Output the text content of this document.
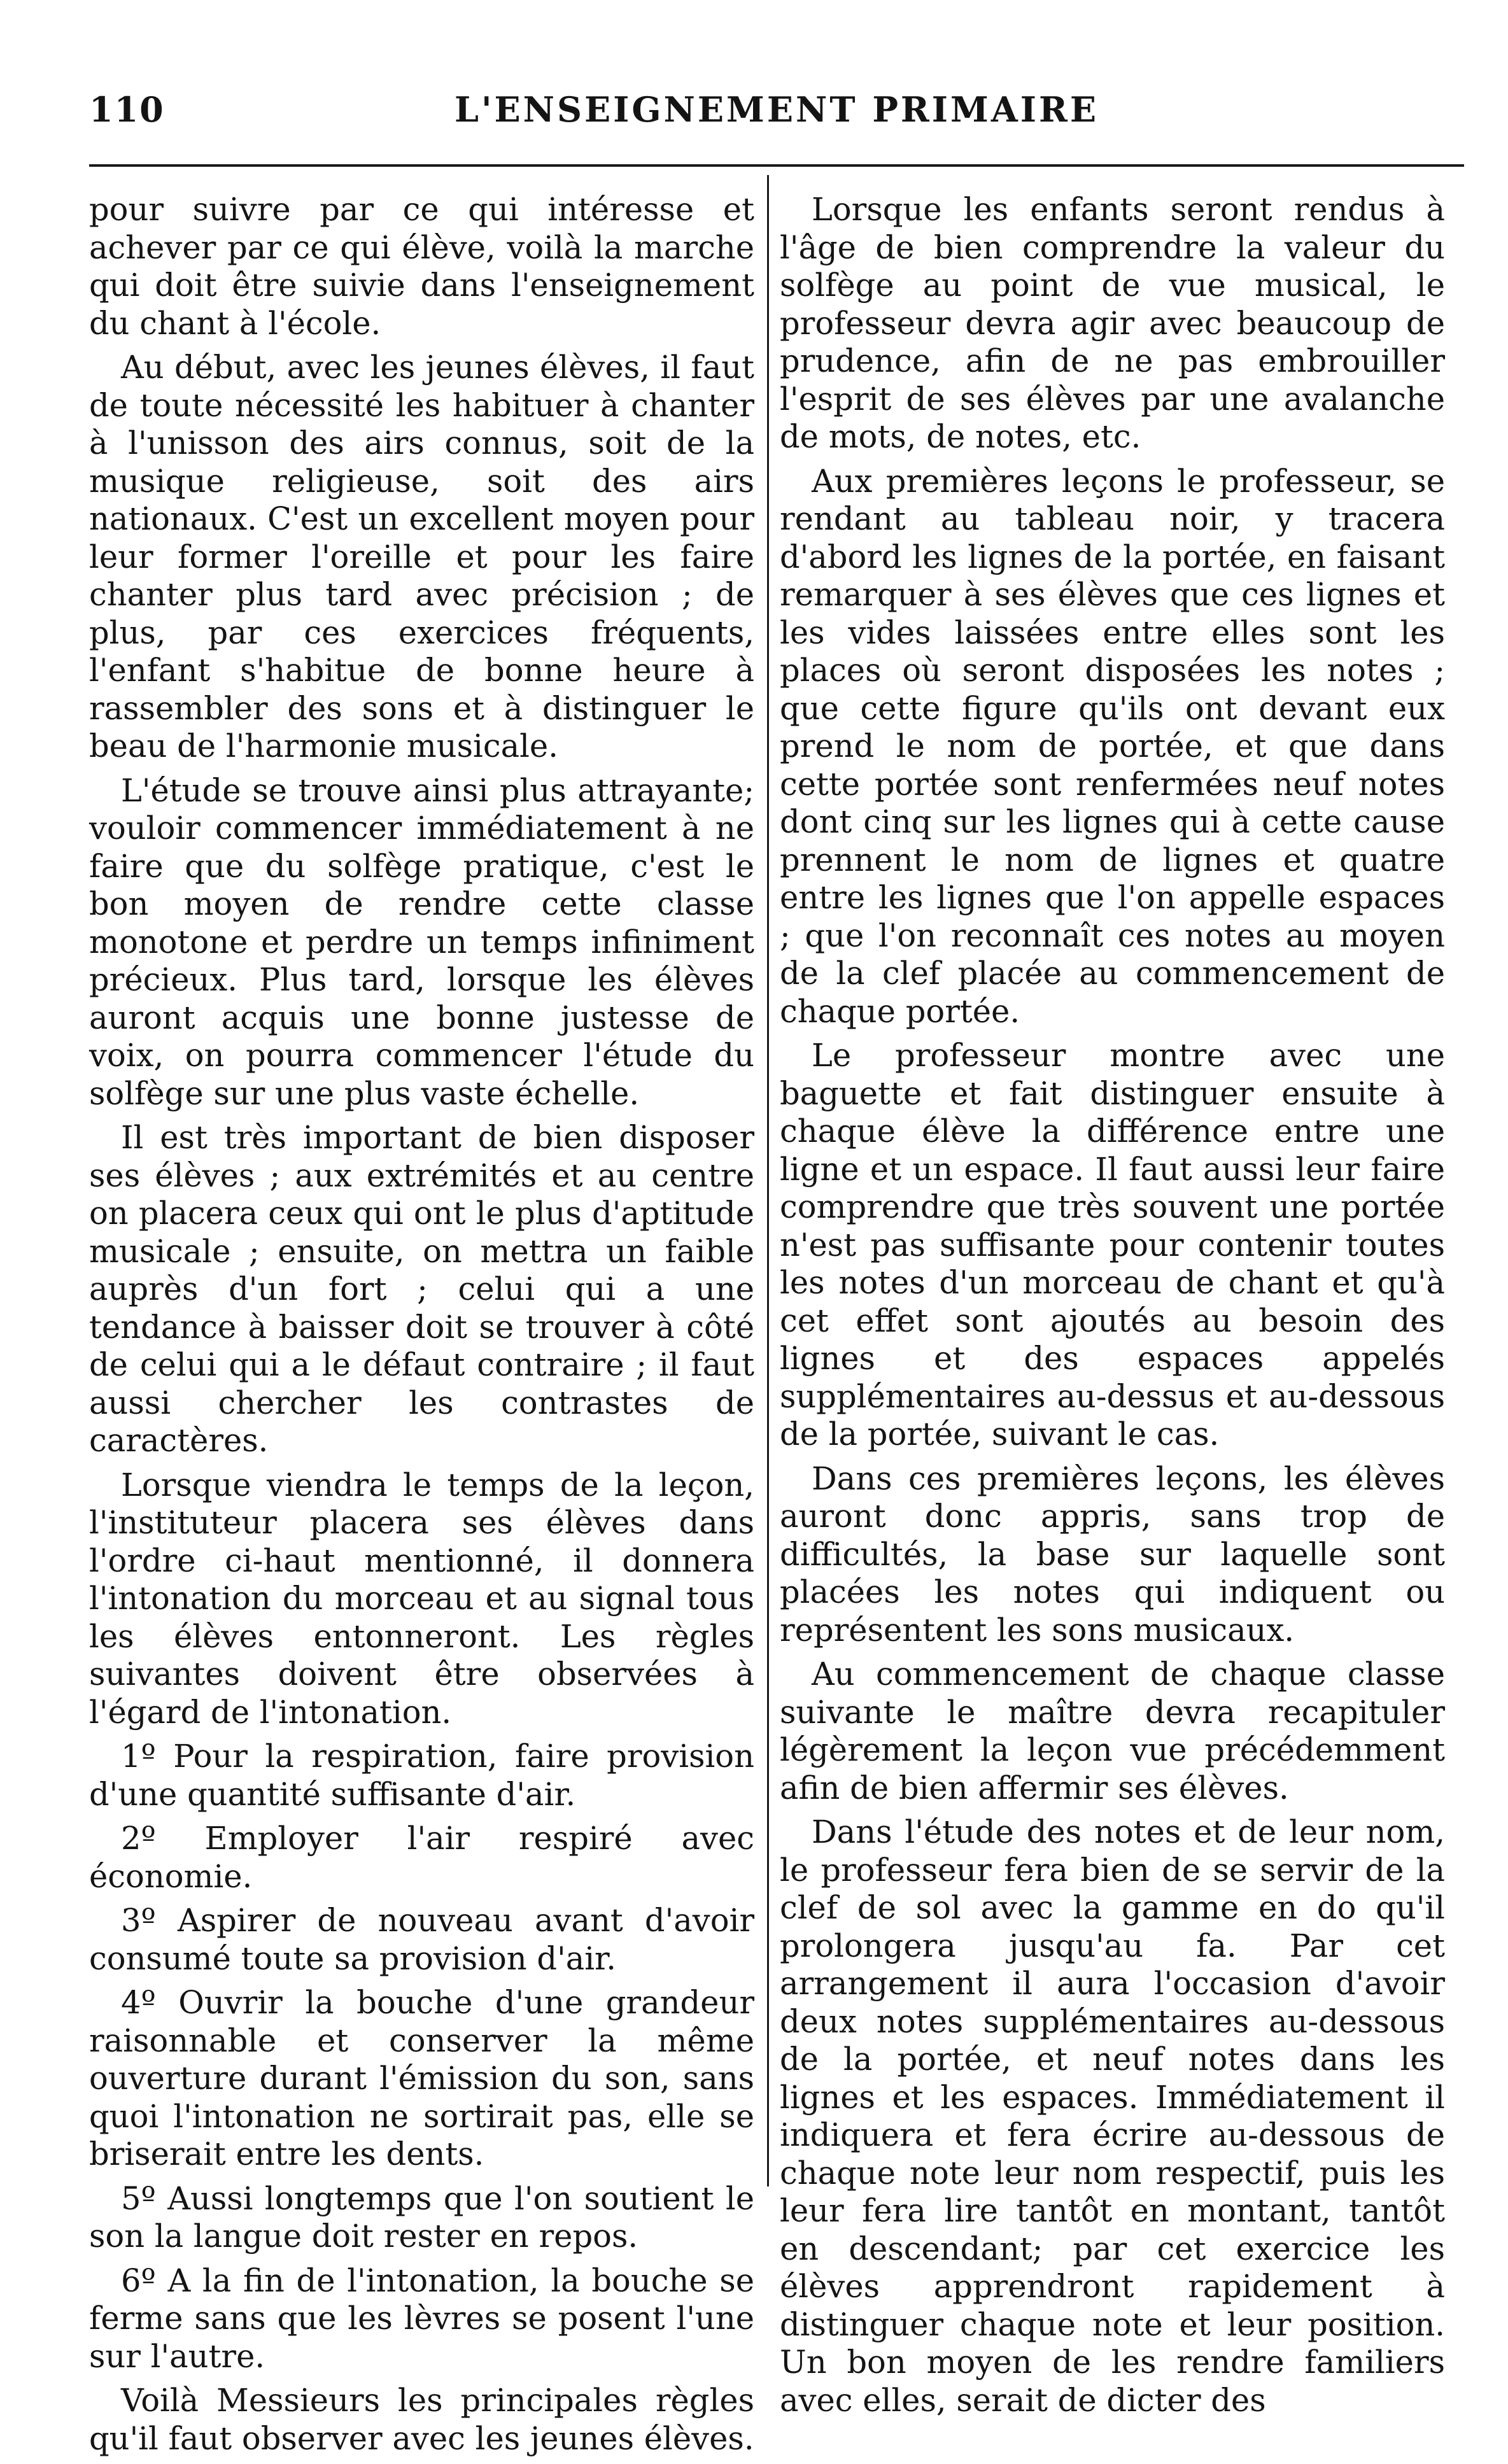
110	L'ENSEIGNEMENT PRIMAIRE

pour suivre par ce qui intéresse et achever par ce qui élève, voilà la marche qui doit être suivie dans l'enseignement du chant à l'école.

Au début, avec les jeunes élèves, il faut de toute nécessité les habituer à chanter à l'unisson des airs connus, soit de la musique religieuse, soit des airs nationaux. C'est un excellent moyen pour leur former l'oreille et pour les faire chanter plus tard avec précision ; de plus, par ces exercices fréquents, l'enfant s'habitue de bonne heure à rassembler des sons et à distinguer le beau de l'harmonie musicale.

L'étude se trouve ainsi plus attrayante; vouloir commencer immédiatement à ne faire que du solfège pratique, c'est le bon moyen de rendre cette classe monotone et perdre un temps infiniment précieux. Plus tard, lorsque les élèves auront acquis une bonne justesse de voix, on pourra commencer l'étude du solfège sur une plus vaste échelle.

Il est très important de bien disposer ses élèves ; aux extrémités et au centre on placera ceux qui ont le plus d'aptitude musicale ; ensuite, on mettra un faible auprès d'un fort ; celui qui a une tendance à baisser doit se trouver à côté de celui qui a le défaut contraire ; il faut aussi chercher les contrastes de caractères.

Lorsque viendra le temps de la leçon, l'instituteur placera ses élèves dans l'ordre ci-haut mentionné, il donnera l'intonation du morceau et au signal tous les élèves entonneront. Les règles suivantes doivent être observées à l'égard de l'intonation.

1º Pour la respiration, faire provision d'une quantité suffisante d'air.

2º Employer l'air respiré avec économie.

3º Aspirer de nouveau avant d'avoir consumé toute sa provision d'air.

4º Ouvrir la bouche d'une grandeur raisonnable et conserver la même ouverture durant l'émission du son, sans quoi l'intonation ne sortirait pas, elle se briserait entre les dents.

5º Aussi longtemps que l'on soutient le son la langue doit rester en repos.

6º A la fin de l'intonation, la bouche se ferme sans que les lèvres se posent l'une sur l'autre.

Voilà Messieurs les principales règles qu'il faut observer avec les jeunes élèves.

Lorsque les enfants seront rendus à l'âge de bien comprendre la valeur du solfège au point de vue musical, le professeur devra agir avec beaucoup de prudence, afin de ne pas embrouiller l'esprit de ses élèves par une avalanche de mots, de notes, etc.

Aux premières leçons le professeur, se rendant au tableau noir, y tracera d'abord les lignes de la portée, en faisant remarquer à ses élèves que ces lignes et les vides laissées entre elles sont les places où seront disposées les notes ; que cette figure qu'ils ont devant eux prend le nom de portée, et que dans cette portée sont renfermées neuf notes dont cinq sur les lignes qui à cette cause prennent le nom de lignes et quatre entre les lignes que l'on appelle espaces ; que l'on reconnaît ces notes au moyen de la clef placée au commencement de chaque portée.

Le professeur montre avec une baguette et fait distinguer ensuite à chaque élève la différence entre une ligne et un espace. Il faut aussi leur faire comprendre que très souvent une portée n'est pas suffisante pour contenir toutes les notes d'un morceau de chant et qu'à cet effet sont ajoutés au besoin des lignes et des espaces appelés supplémentaires au-dessus et au-dessous de la portée, suivant le cas.

Dans ces premières leçons, les élèves auront donc appris, sans trop de difficultés, la base sur laquelle sont placées les notes qui indiquent ou représentent les sons musicaux.

Au commencement de chaque classe suivante le maître devra recapituler légèrement la leçon vue précédemment afin de bien affermir ses élèves.

Dans l'étude des notes et de leur nom, le professeur fera bien de se servir de la clef de sol avec la gamme en do qu'il prolongera jusqu'au fa. Par cet arrangement il aura l'occasion d'avoir deux notes supplémentaires au-dessous de la portée, et neuf notes dans les lignes et les espaces. Immédiatement il indiquera et fera écrire au-dessous de chaque note leur nom respectif, puis les leur fera lire tantôt en montant, tantôt en descendant; par cet exercice les élèves apprendront rapidement à distinguer chaque note et leur position. Un bon moyen de les rendre familiers avec elles, serait de dicter des
